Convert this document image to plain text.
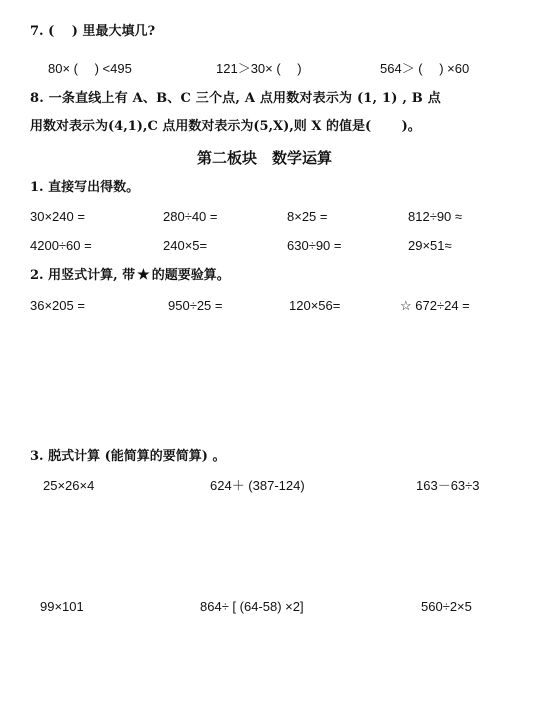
7. (　 ) 里最大填几?
80× (　 ) <495	121＞30× (　 )	564＞ (　 ) ×60
8. 一条直线上有 A、B、C 三个点, A 点用数对表示为 (1, 1) , B 点
用数对表示为(4,1),C 点用数对表示为(5,X),则 X 的值是(　　 )。
第二板块　数学运算
1. 直接写出得数。
30×240 =	280÷40 =	8×25 =	812÷90 ≈
4200÷60 =	240×5=	630÷90 =	29×51≈
2. 用竖式计算, 带 ★ 的题要验算。
36×205 =	950÷25 =	120×56=	☆ 672÷24 =
3. 脱式计算 (能简算的要简算) 。
25×26×4	624＋ (387-124)	163－63÷3
99×101	864÷ [ (64-58) ×2]	560÷2×5
